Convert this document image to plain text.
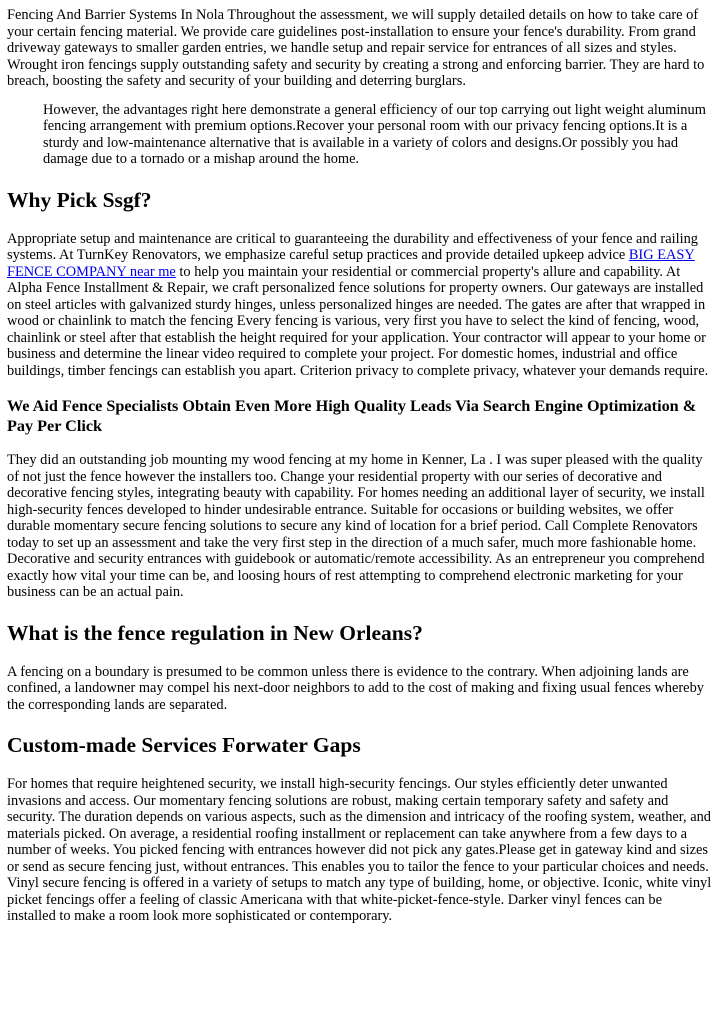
Fencing And Barrier Systems In Nola Throughout the assessment, we will supply detailed details on how to take care of your certain fencing material. We provide care guidelines post-installation to ensure your fence's durability. From grand driveway gateways to smaller garden entries, we handle setup and repair service for entrances of all sizes and styles. Wrought iron fencings supply outstanding safety and security by creating a strong and enforcing barrier. They are hard to breach, boosting the safety and security of your building and deterring burglars.

However, the advantages right here demonstrate a general efficiency of our top carrying out light weight aluminum fencing arrangement with premium options.Recover your personal room with our privacy fencing options.It is a sturdy and low-maintenance alternative that is available in a variety of colors and designs.Or possibly you had damage due to a tornado or a mishap around the home.
Why Pick Ssgf?

Appropriate setup and maintenance are critical to guaranteeing the durability and effectiveness of your fence and railing systems. At TurnKey Renovators, we emphasize careful setup practices and provide detailed upkeep advice BIG EASY FENCE COMPANY near me to help you maintain your residential or commercial property's allure and capability. At Alpha Fence Installment & Repair, we craft personalized fence solutions for property owners. Our gateways are installed on steel articles with galvanized sturdy hinges, unless personalized hinges are needed. The gates are after that wrapped in wood or chainlink to match the fencing Every fencing is various, very first you have to select the kind of fencing, wood, chainlink or steel after that establish the height required for your application. Your contractor will appear to your home or business and determine the linear video required to complete your project. For domestic homes, industrial and office buildings, timber fencings can establish you apart. Criterion privacy to complete privacy, whatever your demands require.

We Aid Fence Specialists Obtain Even More High Quality Leads Via Search Engine Optimization & Pay Per Click

They did an outstanding job mounting my wood fencing at my home in Kenner, La . I was super pleased with the quality of not just the fence however the installers too. Change your residential property with our series of decorative and decorative fencing styles, integrating beauty with capability. For homes needing an additional layer of security, we install high-security fences developed to hinder undesirable entrance. Suitable for occasions or building websites, we offer durable momentary secure fencing solutions to secure any kind of location for a brief period. Call Complete Renovators today to set up an assessment and take the very first step in the direction of a much safer, much more fashionable home. Decorative and security entrances with guidebook or automatic/remote accessibility. As an entrepreneur you comprehend exactly how vital your time can be, and loosing hours of rest attempting to comprehend electronic marketing for your business can be an actual pain.

What is the fence regulation in New Orleans?

A fencing on a boundary is presumed to be common unless there is evidence to the contrary. When adjoining lands are confined, a landowner may compel his next-door neighbors to add to the cost of making and fixing usual fences whereby the corresponding lands are separated.

Custom-made Services Forwater Gaps

For homes that require heightened security, we install high-security fencings. Our styles efficiently deter unwanted invasions and access. Our momentary fencing solutions are robust, making certain temporary safety and safety and security. The duration depends on various aspects, such as the dimension and intricacy of the roofing system, weather, and materials picked. On average, a residential roofing installment or replacement can take anywhere from a few days to a number of weeks. You picked fencing with entrances however did not pick any gates.Please get in gateway kind and sizes or send as secure fencing just, without entrances. This enables you to tailor the fence to your particular choices and needs. Vinyl secure fencing is offered in a variety of setups to match any type of building, home, or objective. Iconic, white vinyl picket fencings offer a feeling of classic Americana with that white-picket-fence-style. Darker vinyl fences can be installed to make a room look more sophisticated or contemporary.
